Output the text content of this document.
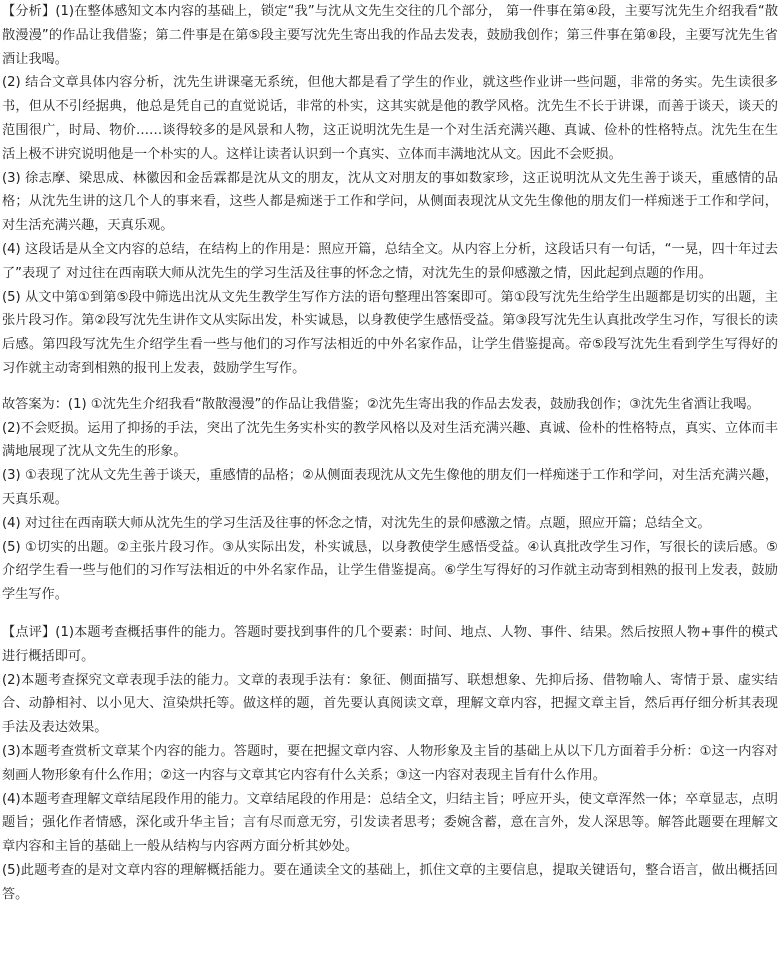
【分析】(1)在整体感知文本内容的基础上，锁定“我”与沈从文先生交往的几个部分， 第一件事在第④段，主要写沈先生介绍我看“散散漫漫”的作品让我借鉴；第二件事是在第⑤段主要写沈先生寄出我的作品去发表，鼓励我创作；第三件事在第⑧段，主要写沈先生省酒让我喝。

(2) 结合文章具体内容分析，沈先生讲课毫无系统，但他大都是看了学生的作业，就这些作业讲一些问题，非常的务实。先生读很多书，但从不引经据典，他总是凭自己的直觉说话，非常的朴实，这其实就是他的教学风格。沈先生不长于讲课，而善于谈天，谈天的范围很广，时局、物价……谈得较多的是风景和人物，这正说明沈先生是一个对生活充满兴趣、真诚、俭朴的性格特点。沈先生在生活上极不讲究说明他是一个朴实的人。这样让读者认识到一个真实、立体而丰满地沈从文。因此不会贬损。

(3) 徐志摩、梁思成、林徽因和金岳霖都是沈从文的朋友，沈从文对朋友的事如数家珍，这正说明沈从文先生善于谈天，重感情的品格；从沈先生讲的这几个人的事来看，这些人都是痴迷于工作和学问，从侧面表现沈从文先生像他的朋友们一样痴迷于工作和学问，对生活充满兴趣，天真乐观。

(4) 这段话是从全文内容的总结，在结构上的作用是：照应开篇，总结全文。从内容上分析，这段话只有一句话，“一晃，四十年过去了”表现了 对过往在西南联大师从沈先生的学习生活及往事的怀念之情，对沈先生的景仰感激之情，因此起到点题的作用。

(5) 从文中第①到第⑤段中筛选出沈从文先生教学生写作方法的语句整理出答案即可。第①段写沈先生给学生出题都是切实的出题，主张片段习作。第②段写沈先生讲作文从实际出发，朴实诚恳，以身教使学生感悟受益。第③段写沈先生认真批改学生习作，写很长的读后感。第四段写沈先生介绍学生看一些与他们的习作写法相近的中外名家作品，让学生借鉴提高。帝⑤段写沈先生看到学生写得好的习作就主动寄到相熟的报刊上发表，鼓励学生写作。

故答案为：(1) ①沈先生介绍我看“散散漫漫”的作品让我借鉴；②沈先生寄出我的作品去发表，鼓励我创作；③沈先生省酒让我喝。

(2)不会贬损。运用了抑扬的手法，突出了沈先生务实朴实的教学风格以及对生活充满兴趣、真诚、俭朴的性格特点，真实、立体而丰满地展现了沈从文先生的形象。

(3) ①表现了沈从文先生善于谈天，重感情的品格；②从侧面表现沈从文先生像他的朋友们一样痴迷于工作和学问，对生活充满兴趣，天真乐观。

(4) 对过往在西南联大师从沈先生的学习生活及往事的怀念之情，对沈先生的景仰感激之情。点题，照应开篇；总结全文。

(5) ①切实的出题。②主张片段习作。③从实际出发，朴实诚恳，以身教使学生感悟受益。④认真批改学生习作，写很长的读后感。⑤介绍学生看一些与他们的习作写法相近的中外名家作品，让学生借鉴提高。⑥学生写得好的习作就主动寄到相熟的报刊上发表，鼓励学生写作。

【点评】(1)本题考查概括事件的能力。答题时要找到事件的几个要素：时间、地点、人物、事件、结果。然后按照人物+事件的模式进行概括即可。

(2)本题考查探究文章表现手法的能力。文章的表现手法有：象征、侧面描写、联想想象、先抑后扬、借物喻人、寄情于景、虚实结合、动静相衬、以小见大、渲染烘托等。做这样的题，首先要认真阅读文章，理解文章内容，把握文章主旨，然后再仔细分析其表现手法及表达效果。

(3)本题考查赏析文章某个内容的能力。答题时，要在把握文章内容、人物形象及主旨的基础上从以下几方面着手分析：①这一内容对刻画人物形象有什么作用；②这一内容与文章其它内容有什么关系；③这一内容对表现主旨有什么作用。

(4)本题考查理解文章结尾段作用的能力。文章结尾段的作用是：总结全文，归结主旨；呼应开头，使文章浑然一体；卒章显志，点明题旨；强化作者情感，深化或升华主旨；言有尽而意无穷，引发读者思考；委婉含蓄，意在言外，发人深思等。解答此题要在理解文章内容和主旨的基础上一般从结构与内容两方面分析其妙处。

(5)此题考查的是对文章内容的理解概括能力。要在通读全文的基础上，抓住文章的主要信息，提取关键语句，整合语言，做出概括回答。
